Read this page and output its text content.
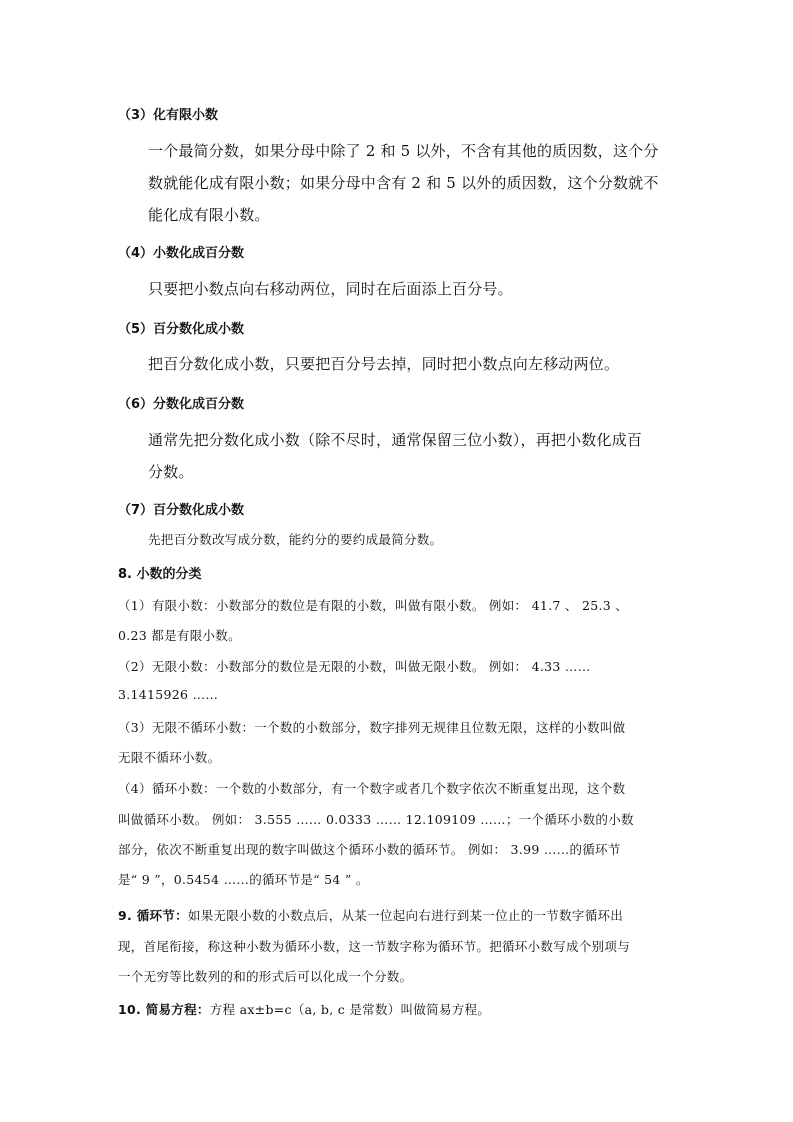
（3）化有限小数
一个最简分数，如果分母中除了 2 和 5 以外，不含有其他的质因数，这个分
数就能化成有限小数；如果分母中含有 2 和 5 以外的质因数，这个分数就不
能化成有限小数。
（4）小数化成百分数
只要把小数点向右移动两位，同时在后面添上百分号。
（5）百分数化成小数
把百分数化成小数，只要把百分号去掉，同时把小数点向左移动两位。
（6）分数化成百分数
通常先把分数化成小数（除不尽时，通常保留三位小数），再把小数化成百
分数。
（7）百分数化成小数
先把百分数改写成分数，能约分的要约成最简分数。
8. 小数的分类
（1）有限小数：小数部分的数位是有限的小数，叫做有限小数。 例如： 41.7 、 25.3 、
0.23 都是有限小数。
（2）无限小数：小数部分的数位是无限的小数，叫做无限小数。 例如： 4.33 ……
3.1415926 ……
（3）无限不循环小数：一个数的小数部分，数字排列无规律且位数无限，这样的小数叫做
无限不循环小数。
（4）循环小数：一个数的小数部分，有一个数字或者几个数字依次不断重复出现，这个数
叫做循环小数。 例如： 3.555 …… 0.0333 …… 12.109109 ……；一个循环小数的小数
部分，依次不断重复出现的数字叫做这个循环小数的循环节。 例如： 3.99 ……的循环节
是“ 9 ”，0.5454 ……的循环节是“ 54 ” 。
9. 循环节：如果无限小数的小数点后，从某一位起向右进行到某一位止的一节数字循环出
现，首尾衔接，称这种小数为循环小数，这一节数字称为循环节。把循环小数写成个别项与
一个无穷等比数列的和的形式后可以化成一个分数。
10. 简易方程：方程 ax±b=c（a, b, c 是常数）叫做简易方程。
